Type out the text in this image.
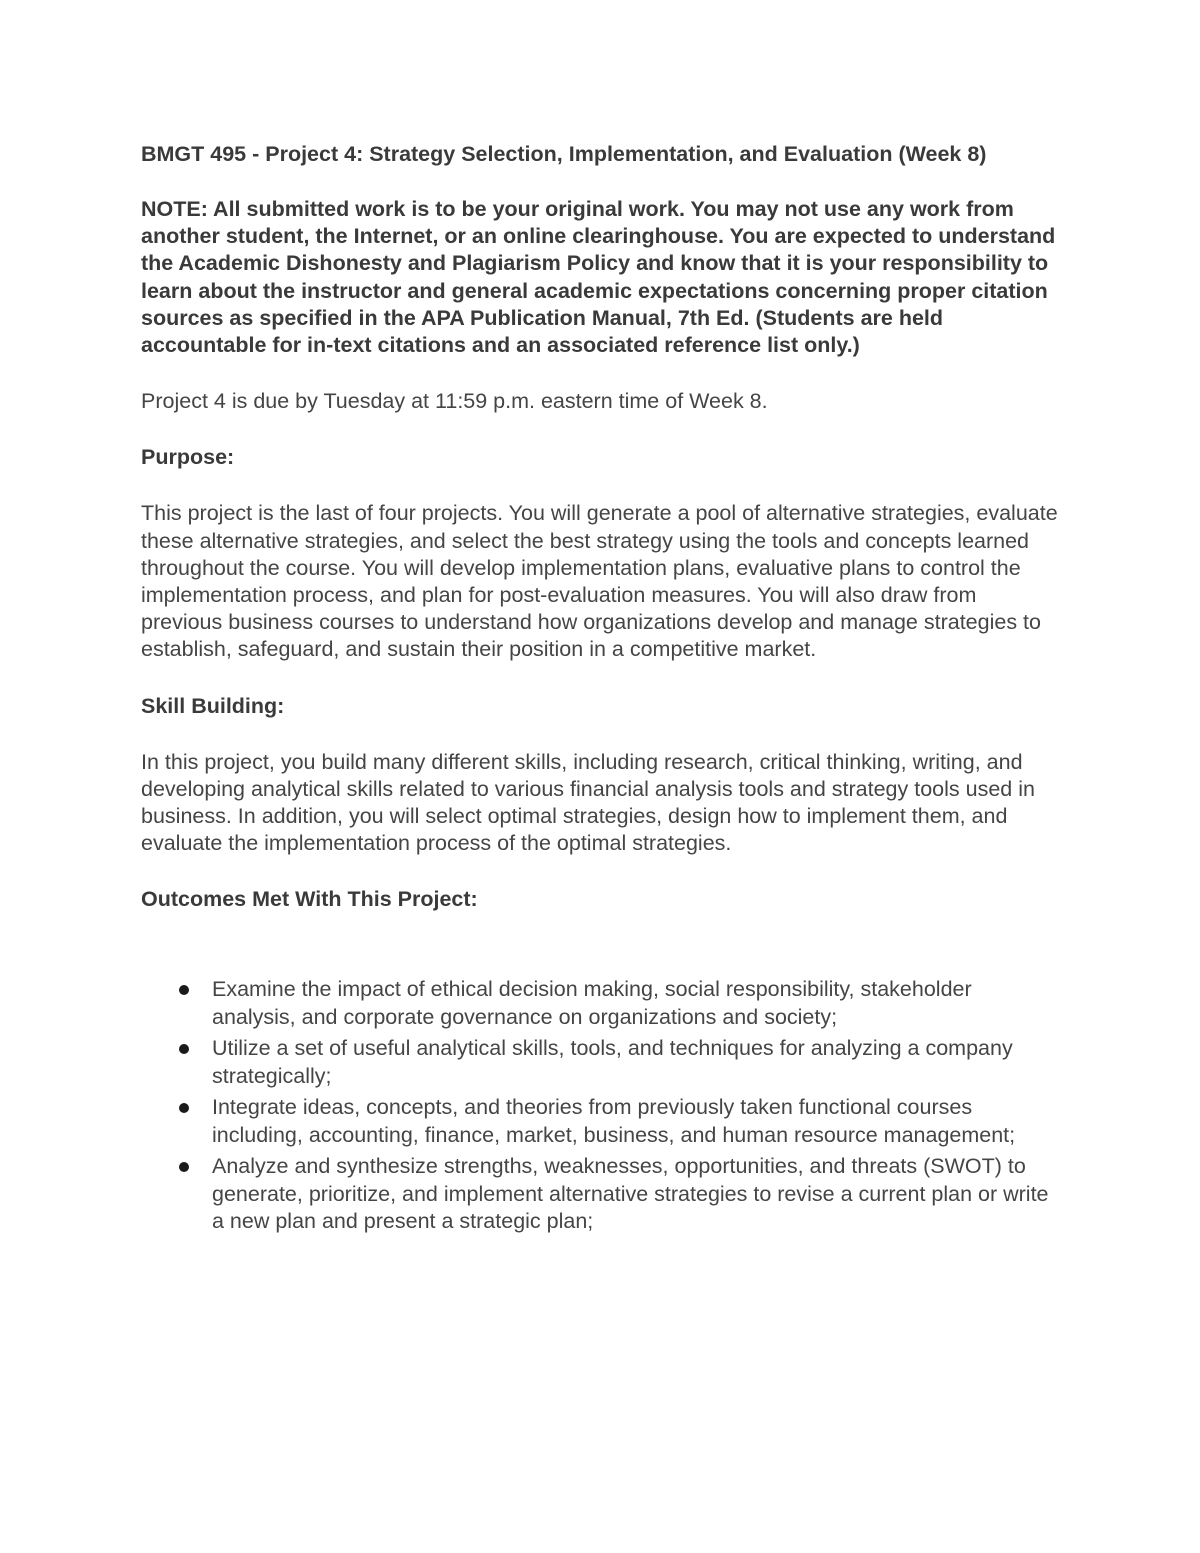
BMGT 495 - Project 4: Strategy Selection, Implementation, and Evaluation (Week 8)

NOTE: All submitted work is to be your original work. You may not use any work from another student, the Internet, or an online clearinghouse. You are expected to understand the Academic Dishonesty and Plagiarism Policy and know that it is your responsibility to learn about the instructor and general academic expectations concerning proper citation sources as specified in the APA Publication Manual, 7th Ed. (Students are held accountable for in-text citations and an associated reference list only.)

Project 4 is due by Tuesday at 11:59 p.m. eastern time of Week 8.

Purpose:

This project is the last of four projects. You will generate a pool of alternative strategies, evaluate these alternative strategies, and select the best strategy using the tools and concepts learned throughout the course. You will develop implementation plans, evaluative plans to control the implementation process, and plan for post-evaluation measures. You will also draw from previous business courses to understand how organizations develop and manage strategies to establish, safeguard, and sustain their position in a competitive market.

Skill Building:

In this project, you build many different skills, including research, critical thinking, writing, and developing analytical skills related to various financial analysis tools and strategy tools used in business. In addition, you will select optimal strategies, design how to implement them, and evaluate the implementation process of the optimal strategies.

Outcomes Met With This Project:

Examine the impact of ethical decision making, social responsibility, stakeholder analysis, and corporate governance on organizations and society;
Utilize a set of useful analytical skills, tools, and techniques for analyzing a company strategically;
Integrate ideas, concepts, and theories from previously taken functional courses including, accounting, finance, market, business, and human resource management;
Analyze and synthesize strengths, weaknesses, opportunities, and threats (SWOT) to generate, prioritize, and implement alternative strategies to revise a current plan or write a new plan and present a strategic plan;
